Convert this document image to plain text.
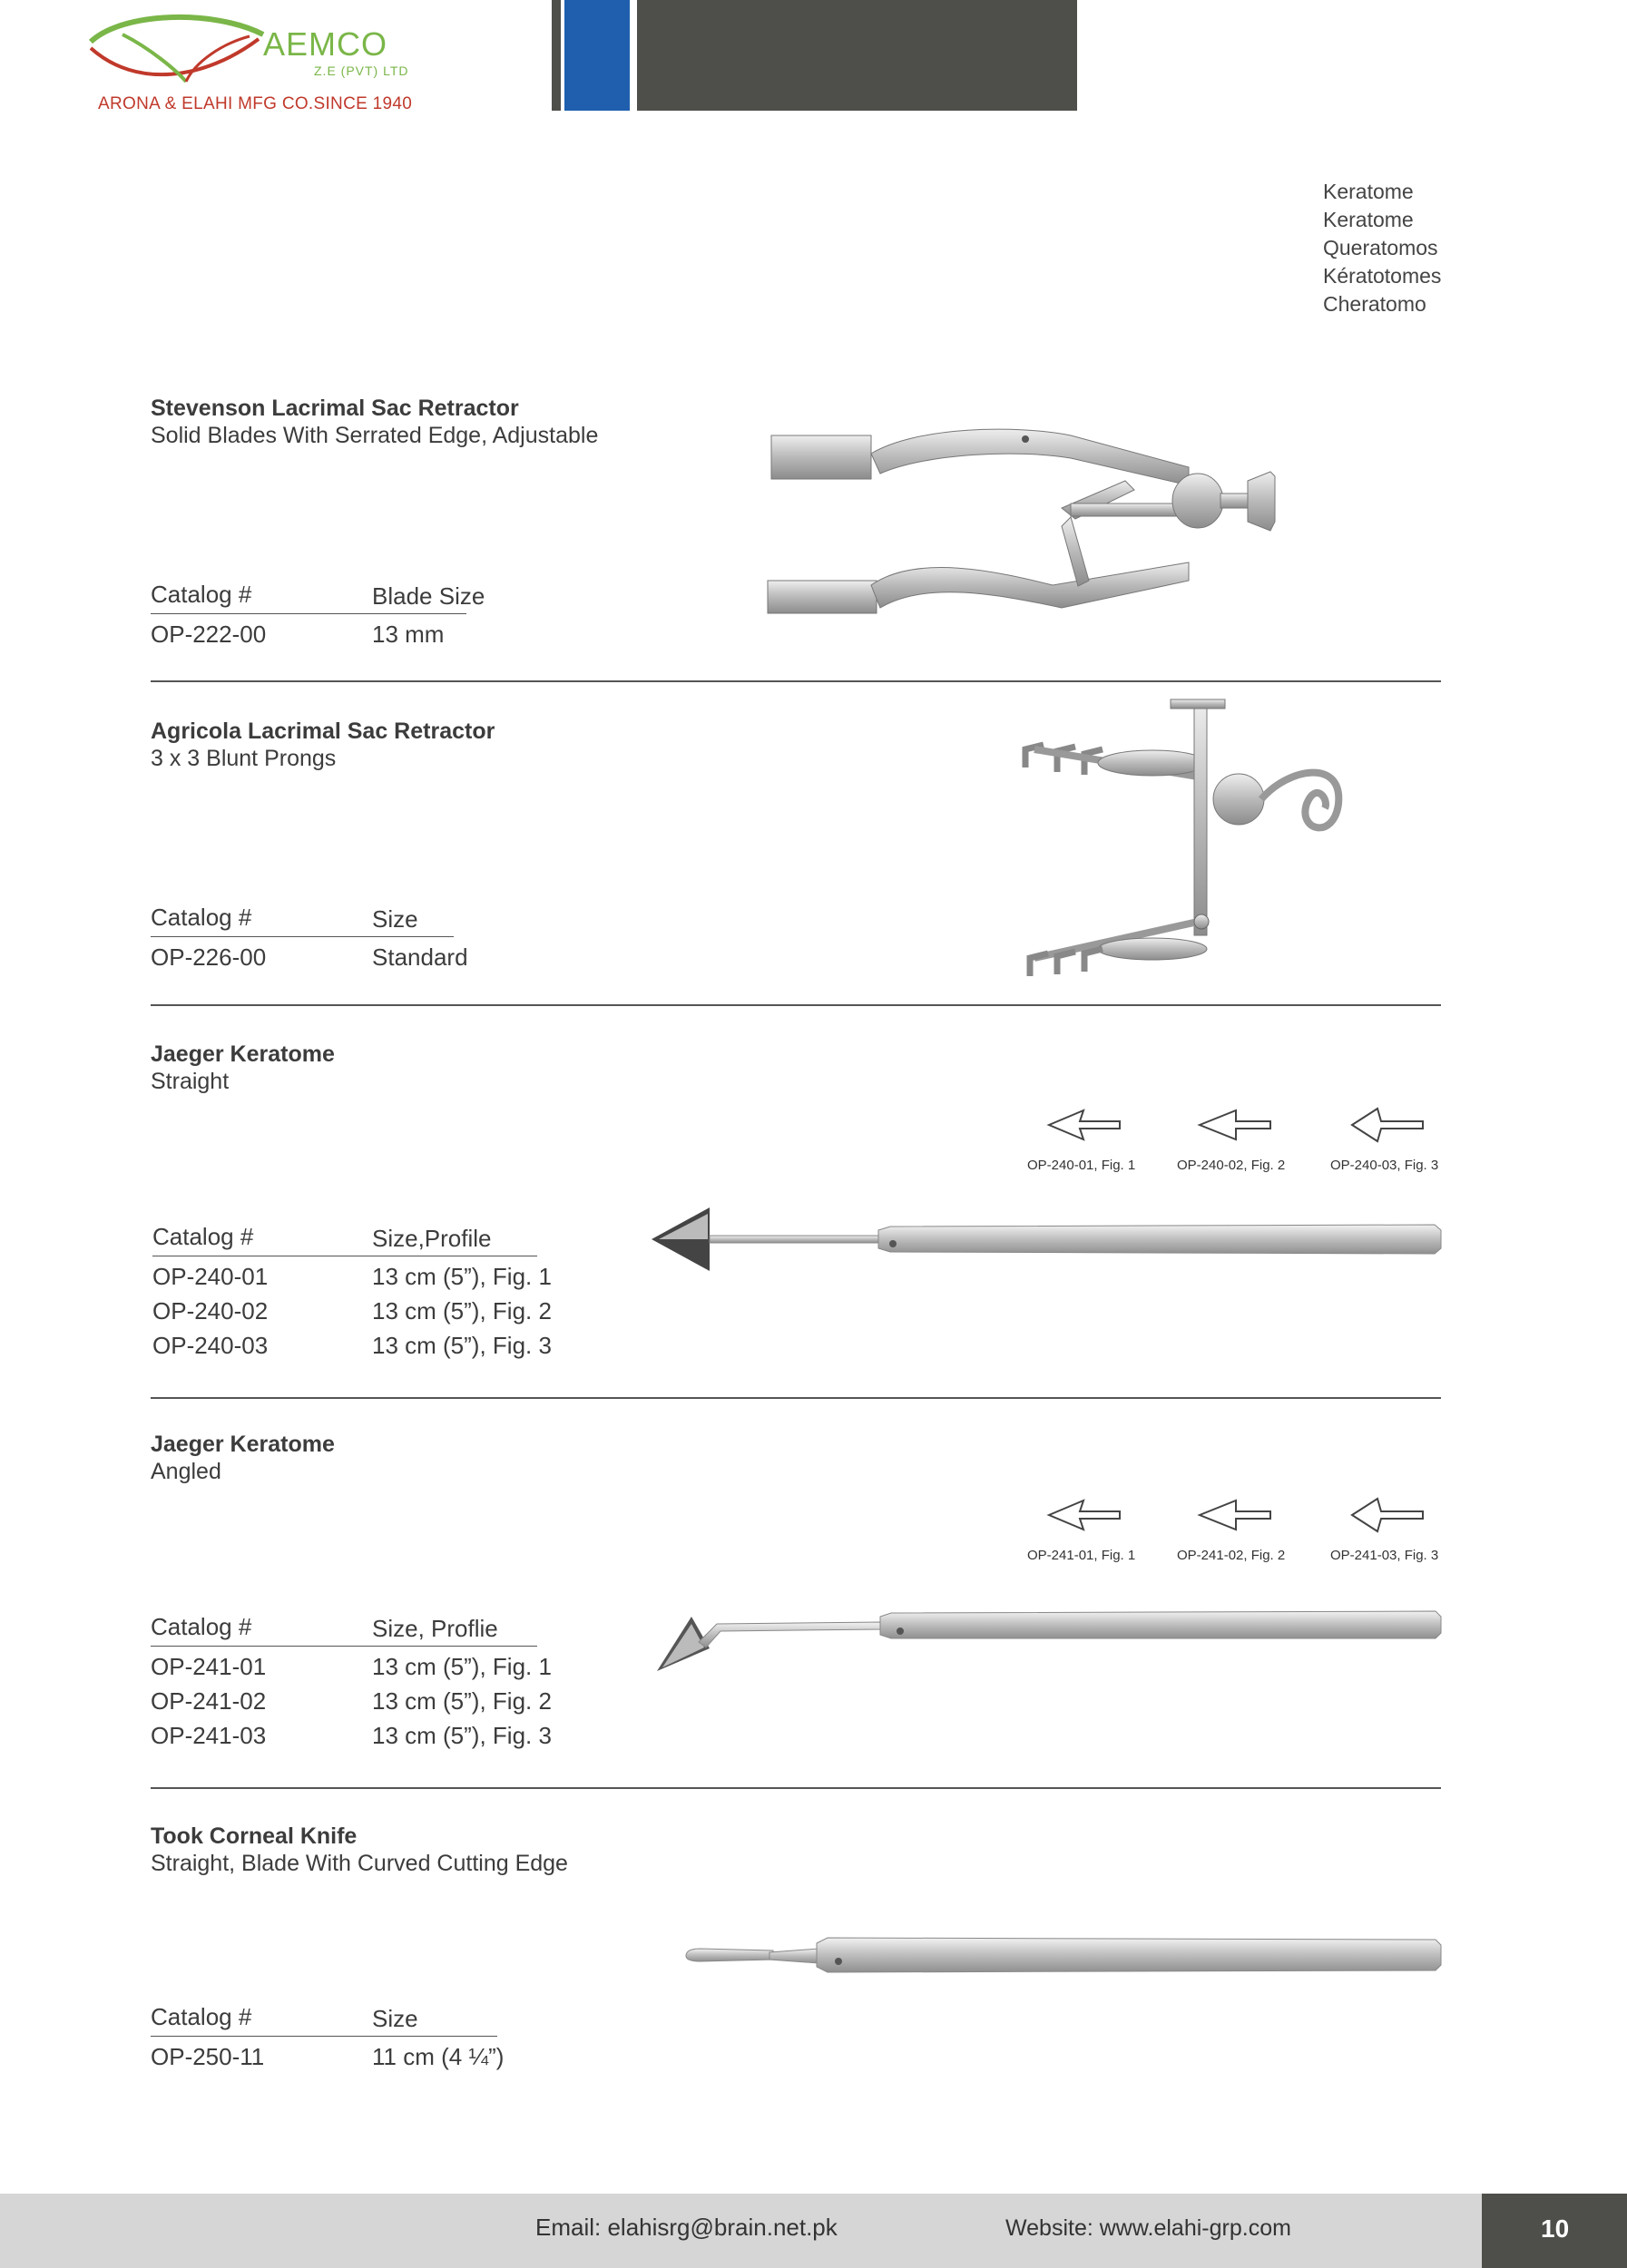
AEMCO
Z.E (PVT) LTD
ARONA & ELAHI MFG CO.SINCE 1940
Keratome
Keratome
Queratomos
Kératotomes
Cheratomo
Stevenson Lacrimal Sac Retractor
Solid Blades With Serrated Edge, Adjustable
Catalog #	Blade Size
OP-222-00	13 mm
Agricola Lacrimal Sac Retractor
3 x 3 Blunt Prongs
Catalog #	Size
OP-226-00	Standard
Jaeger Keratome
Straight
OP-240-01, Fig. 1	OP-240-02, Fig. 2	OP-240-03, Fig. 3
Catalog #	Size,Profile
OP-240-01	13 cm (5”), Fig. 1
OP-240-02	13 cm (5”), Fig. 2
OP-240-03	13 cm (5”), Fig. 3
Jaeger Keratome
Angled
OP-241-01, Fig. 1	OP-241-02, Fig. 2	OP-241-03, Fig. 3
Catalog #	Size, Proflie
OP-241-01	13 cm (5”), Fig. 1
OP-241-02	13 cm (5”), Fig. 2
OP-241-03	13 cm (5”), Fig. 3
Took Corneal Knife
Straight, Blade With Curved Cutting Edge
Catalog #	Size
OP-250-11	11 cm (4 ¼”)
Email: elahisrg@brain.net.pk	Website: www.elahi-grp.com	10
